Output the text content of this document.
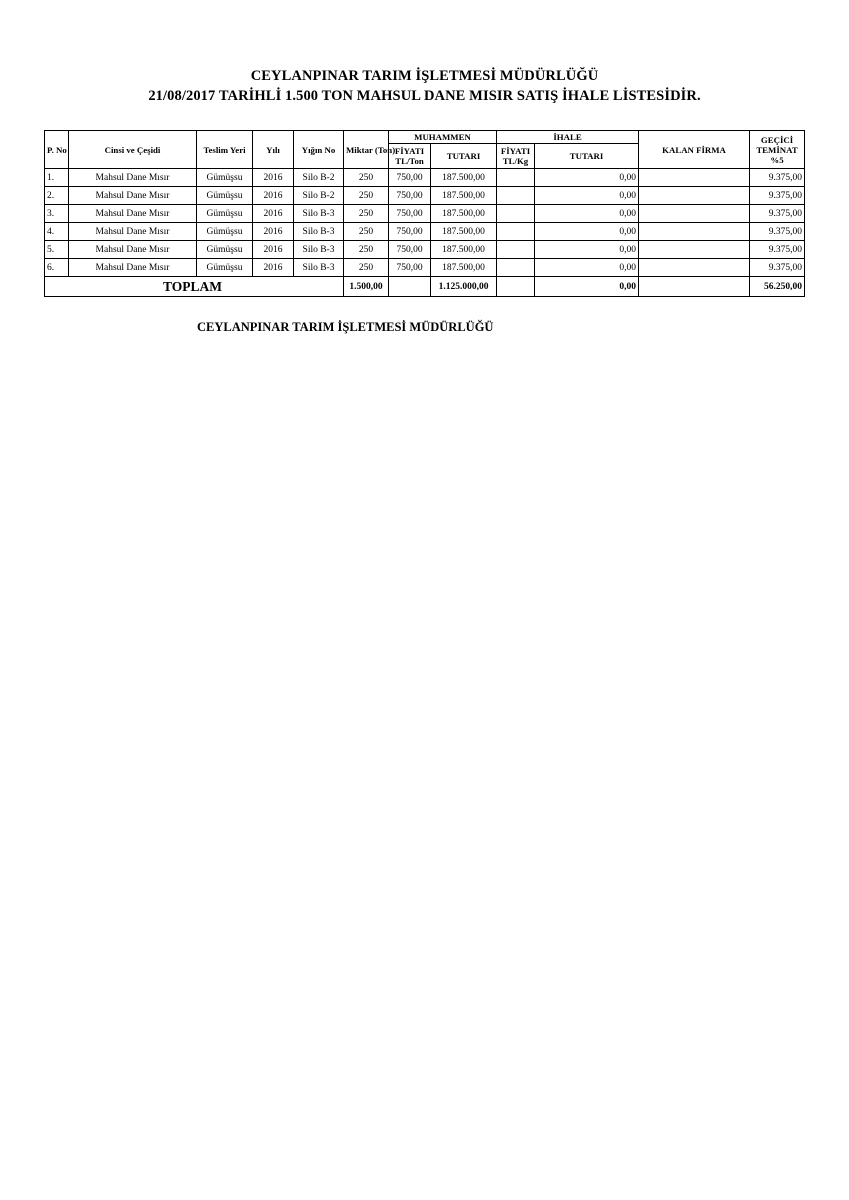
CEYLANPINAR TARIM İŞLETMESİ MÜDÜRLÜĞÜ
21/08/2017 TARİHLİ 1.500 TON MAHSUL DANE MISIR SATIŞ İHALE LİSTESİDİR.
P. No	Cinsi ve Çeşidi	Teslim Yeri	Yılı	Yığın No	Miktar (Ton)	MUHAMMEN		İHALE		KALAN FİRMA	GEÇİCİ TEMİNAT %5
						FİYATI TL/Ton	TUTARI	FİYATI TL/Kg	TUTARI		
1.	Mahsul Dane Mısır	Gümüşsu	2016	Silo B-2	250	750,00	187.500,00		0,00		9.375,00
2.	Mahsul Dane Mısır	Gümüşsu	2016	Silo B-2	250	750,00	187.500,00		0,00		9.375,00
3.	Mahsul Dane Mısır	Gümüşsu	2016	Silo B-3	250	750,00	187.500,00		0,00		9.375,00
4.	Mahsul Dane Mısır	Gümüşsu	2016	Silo B-3	250	750,00	187.500,00		0,00		9.375,00
5.	Mahsul Dane Mısır	Gümüşsu	2016	Silo B-3	250	750,00	187.500,00		0,00		9.375,00
6.	Mahsul Dane Mısır	Gümüşsu	2016	Silo B-3	250	750,00	187.500,00		0,00		9.375,00
TOPLAM					1.500,00		1.125.000,00		0,00		56.250,00
CEYLANPINAR TARIM İŞLETMESİ MÜDÜRLÜĞÜ
